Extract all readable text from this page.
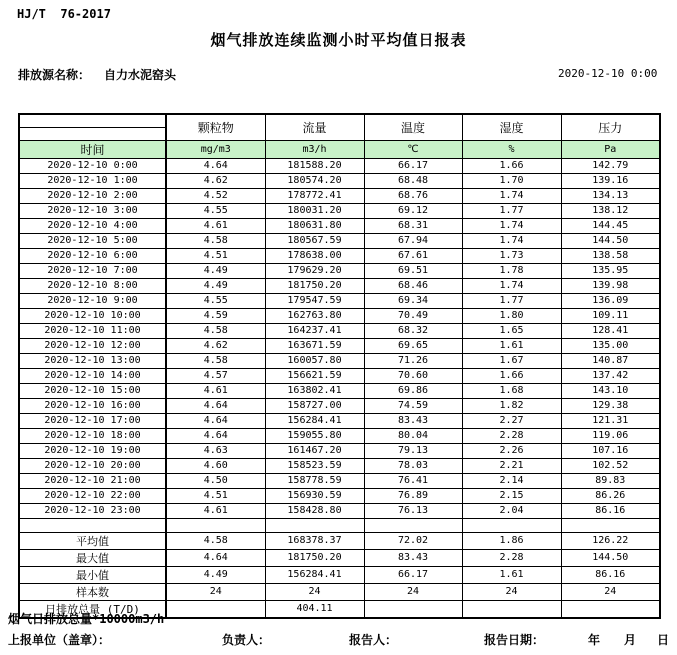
HJ/T  76-2017
烟气排放连续监测小时平均值日报表
排放源名称： 自力水泥窑头	2020-12-10 0:00
	颗粒物	流量	温度	湿度	压力

时间	mg/m3	m3/h	℃	%	Pa
2020-12-10 0:00	4.64	181588.20	66.17	1.66	142.79
2020-12-10 1:00	4.62	180574.20	68.48	1.70	139.16
2020-12-10 2:00	4.52	178772.41	68.76	1.74	134.13
2020-12-10 3:00	4.55	180031.20	69.12	1.77	138.12
2020-12-10 4:00	4.61	180631.80	68.31	1.74	144.45
2020-12-10 5:00	4.58	180567.59	67.94	1.74	144.50
2020-12-10 6:00	4.51	178638.00	67.61	1.73	138.58
2020-12-10 7:00	4.49	179629.20	69.51	1.78	135.95
2020-12-10 8:00	4.49	181750.20	68.46	1.74	139.98
2020-12-10 9:00	4.55	179547.59	69.34	1.77	136.09
2020-12-10 10:00	4.59	162763.80	70.49	1.80	109.11
2020-12-10 11:00	4.58	164237.41	68.32	1.65	128.41
2020-12-10 12:00	4.62	163671.59	69.65	1.61	135.00
2020-12-10 13:00	4.58	160057.80	71.26	1.67	140.87
2020-12-10 14:00	4.57	156621.59	70.60	1.66	137.42
2020-12-10 15:00	4.61	163802.41	69.86	1.68	143.10
2020-12-10 16:00	4.64	158727.00	74.59	1.82	129.38
2020-12-10 17:00	4.64	156284.41	83.43	2.27	121.31
2020-12-10 18:00	4.64	159055.80	80.04	2.28	119.06
2020-12-10 19:00	4.63	161467.20	79.13	2.26	107.16
2020-12-10 20:00	4.60	158523.59	78.03	2.21	102.52
2020-12-10 21:00	4.50	158778.59	76.41	2.14	89.83
2020-12-10 22:00	4.51	156930.59	76.89	2.15	86.26
2020-12-10 23:00	4.61	158428.80	76.13	2.04	86.16

平均值	4.58	168378.37	72.02	1.86	126.22
最大值	4.64	181750.20	83.43	2.28	144.50
最小值	4.49	156284.41	66.17	1.61	86.16
样本数	24	24	24	24	24
日排放总量 (T/D)		404.11			
烟气日排放总量*10000m3/h
上报单位（盖章）：	负责人：	报告人：	报告日期：	年 月 日
